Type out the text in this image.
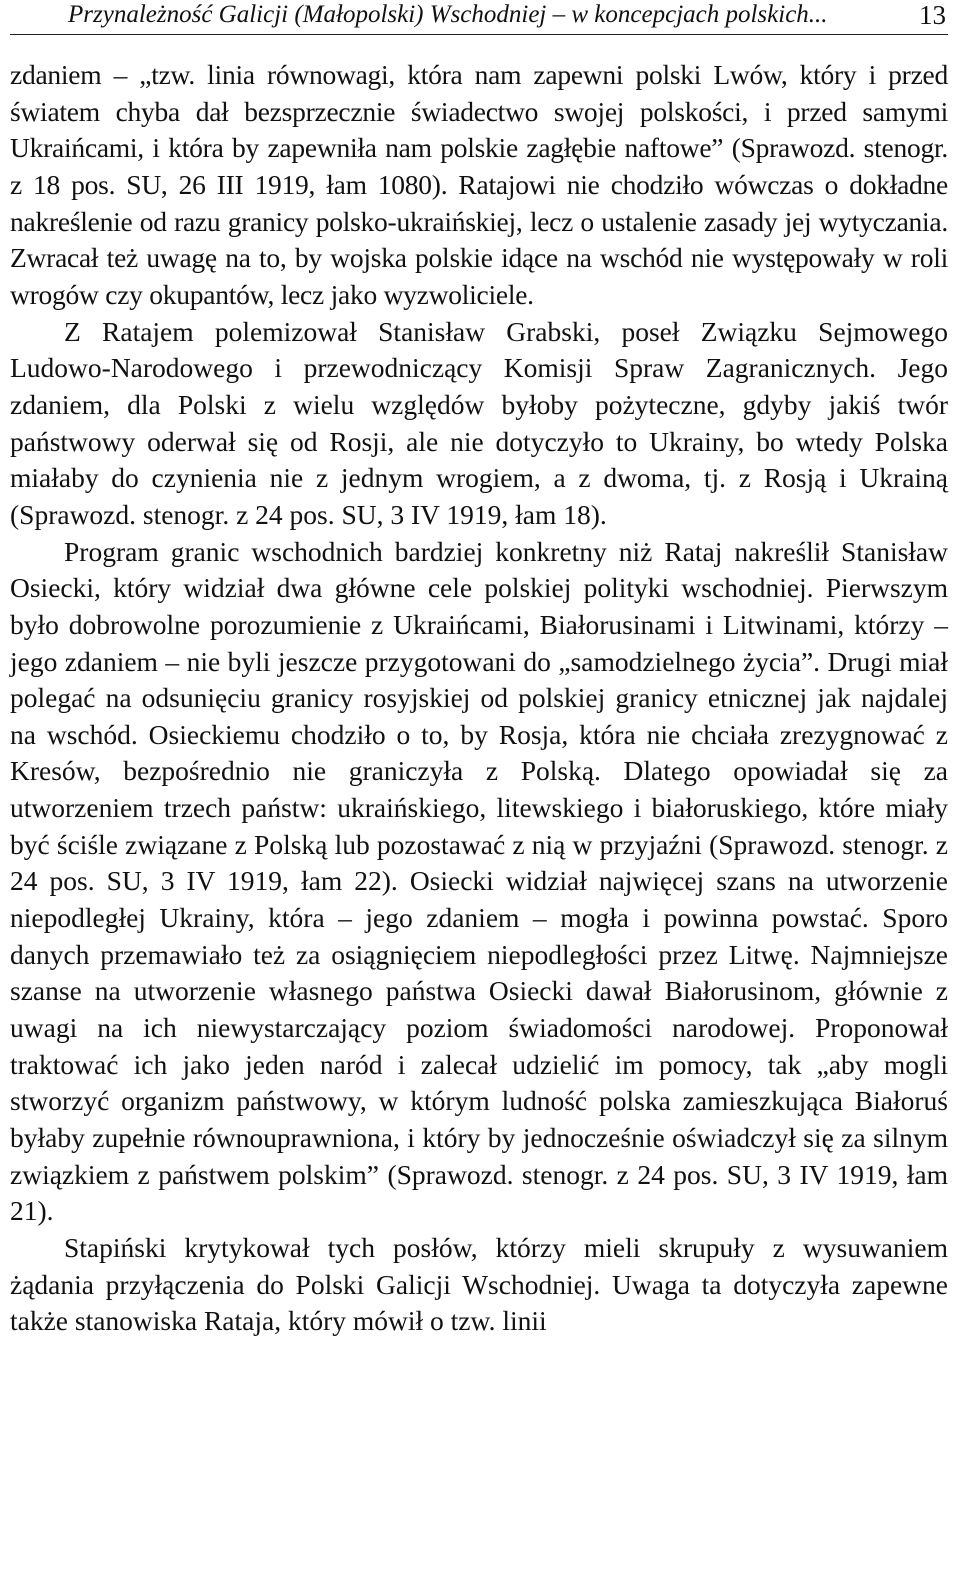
Przynależność Galicji (Małopolski) Wschodniej – w koncepcjach polskich...	13

zdaniem – „tzw. linia równowagi, która nam zapewni polski Lwów, który i przed światem chyba dał bezsprzecznie świadectwo swojej polskości, i przed samymi Ukraińcami, i która by zapewniła nam polskie zagłębie naftowe” (Sprawozd. stenogr. z 18 pos. SU, 26 III 1919, łam 1080). Ratajowi nie chodziło wówczas o dokładne nakreślenie od razu granicy polsko-ukraińskiej, lecz o ustalenie zasady jej wytyczania. Zwracał też uwagę na to, by wojska polskie idące na wschód nie występowały w roli wrogów czy okupantów, lecz jako wyzwoliciele.

Z Ratajem polemizował Stanisław Grabski, poseł Związku Sejmowego Ludowo-Narodowego i przewodniczący Komisji Spraw Zagranicznych. Jego zdaniem, dla Polski z wielu względów byłoby pożyteczne, gdyby jakiś twór państwowy oderwał się od Rosji, ale nie dotyczyło to Ukrainy, bo wtedy Polska miałaby do czynienia nie z jednym wrogiem, a z dwoma, tj. z Rosją i Ukrainą (Sprawozd. stenogr. z 24 pos. SU, 3 IV 1919, łam 18).

Program granic wschodnich bardziej konkretny niż Rataj nakreślił Stanisław Osiecki, który widział dwa główne cele polskiej polityki wschodniej. Pierwszym było dobrowolne porozumienie z Ukraińcami, Białorusinami i Litwinami, którzy – jego zdaniem – nie byli jeszcze przygotowani do „samodzielnego życia”. Drugi miał polegać na odsunięciu granicy rosyjskiej od polskiej granicy etnicznej jak najdalej na wschód. Osieckiemu chodziło o to, by Rosja, która nie chciała zrezygnować z Kresów, bezpośrednio nie graniczyła z Polską. Dlatego opowiadał się za utworzeniem trzech państw: ukraińskiego, litewskiego i białoruskiego, które miały być ściśle związane z Polską lub pozostawać z nią w przyjaźni (Sprawozd. stenogr. z 24 pos. SU, 3 IV 1919, łam 22). Osiecki widział najwięcej szans na utworzenie niepodległej Ukrainy, która – jego zdaniem – mogła i powinna powstać. Sporo danych przemawiało też za osiągnięciem niepodległości przez Litwę. Najmniejsze szanse na utworzenie własnego państwa Osiecki dawał Białorusinom, głównie z uwagi na ich niewystarczający poziom świadomości narodowej. Proponował traktować ich jako jeden naród i zalecał udzielić im pomocy, tak „aby mogli stworzyć organizm państwowy, w którym ludność polska zamieszkująca Białoruś byłaby zupełnie równouprawniona, i który by jednocześnie oświadczył się za silnym związkiem z państwem polskim” (Sprawozd. stenogr. z 24 pos. SU, 3 IV 1919, łam 21).

Stapiński krytykował tych posłów, którzy mieli skrupuły z wysuwaniem żądania przyłączenia do Polski Galicji Wschodniej. Uwaga ta dotyczyła zapewne także stanowiska Rataja, który mówił o tzw. linii
